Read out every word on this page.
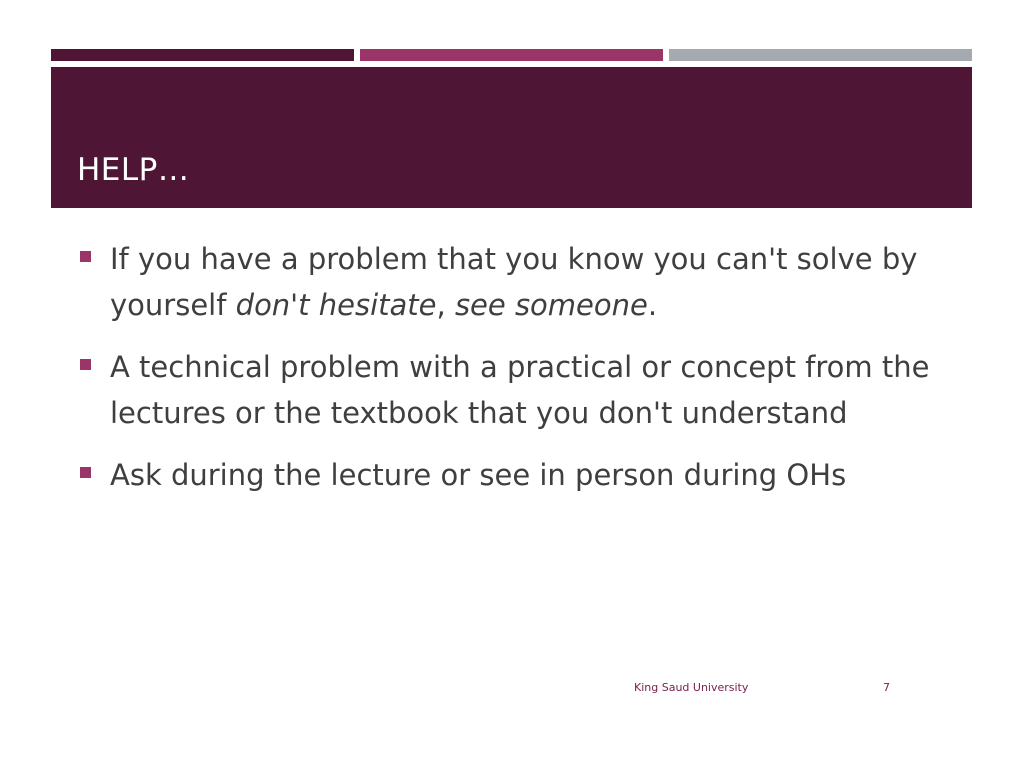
HELP…
If you have a problem that you know you can't solve by yourself don't hesitate, see someone.
A technical problem with a practical or concept from the lectures or the textbook that you don't understand
Ask during the lecture or see in person during OHs
King Saud University	7
